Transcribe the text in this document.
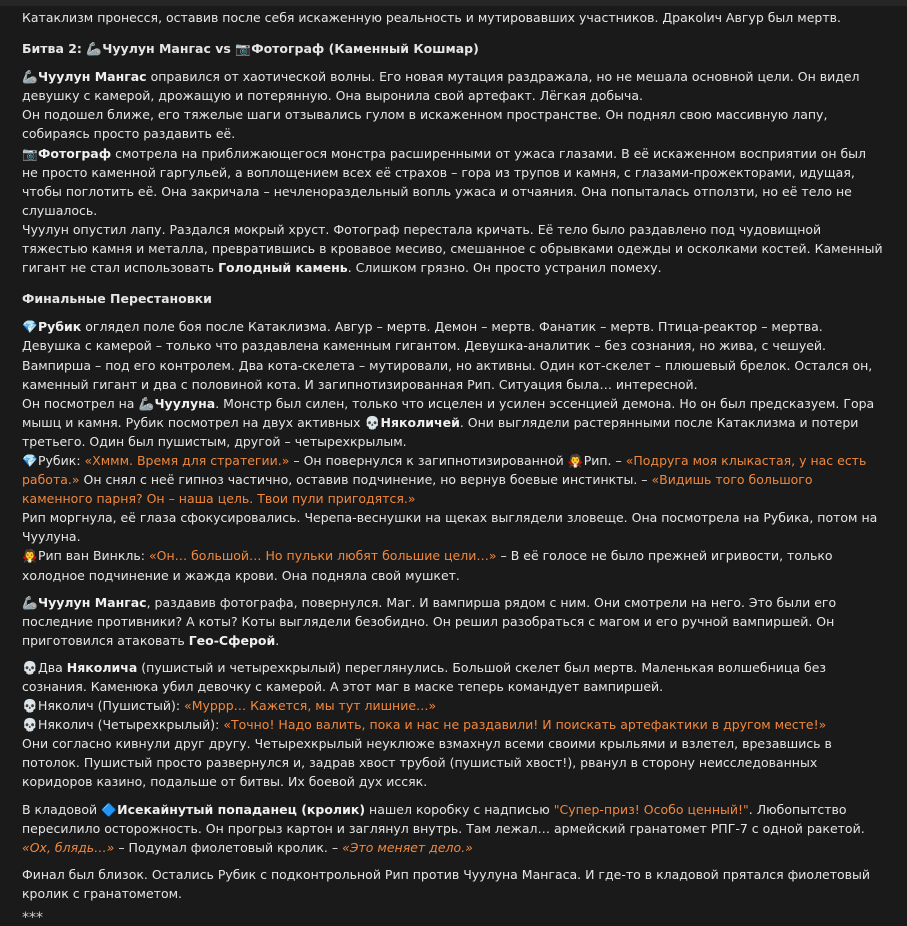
Катаклизм пронесся, оставив после себя искаженную реальность и мутировавших участников. Дракоlич Авгур был мертв.

Битва 2: 🦾Чуулун Мангас vs 📷Фотограф (Каменный Кошмар)

🦾Чуулун Мангас оправился от хаотической волны. Его новая мутация раздражала, но не мешала основной цели. Он видел девушку с камерой, дрожащую и потерянную. Она выронила свой артефакт. Лёгкая добыча.

Он подошел ближе, его тяжелые шаги отзывались гулом в искаженном пространстве. Он поднял свою массивную лапу, собираясь просто раздавить её.

📷Фотограф смотрела на приближающегося монстра расширенными от ужаса глазами. В её искаженном восприятии он был не просто каменной гаргульей, а воплощением всех её страхов – гора из трупов и камня, с глазами-прожекторами, идущая, чтобы поглотить её. Она закричала – нечленораздельный вопль ужаса и отчаяния. Она попыталась отползти, но её тело не слушалось.

Чуулун опустил лапу. Раздался мокрый хруст. Фотограф перестала кричать. Её тело было раздавлено под чудовищной тяжестью камня и металла, превратившись в кровавое месиво, смешанное с обрывками одежды и осколками костей. Каменный гигант не стал использовать Голодный камень. Слишком грязно. Он просто устранил помеху.

Финальные Перестановки

💎Рубик оглядел поле боя после Катаклизма. Авгур – мертв. Демон – мертв. Фанатик – мертв. Птица-реактор – мертва. Девушка с камерой – только что раздавлена каменным гигантом. Девушка-аналитик – без сознания, но жива, с чешуей. Вампирша – под его контролем. Два кота-скелета – мутировали, но активны. Один кот-скелет – плюшевый брелок. Остался он, каменный гигант и два с половиной кота. И загипнотизированная Рип. Ситуация была… интересной.

Он посмотрел на 🦾Чуулуна. Монстр был силен, только что исцелен и усилен эссенцией демона. Но он был предсказуем. Гора мышц и камня. Рубик посмотрел на двух активных 💀Няколичей. Они выглядели растерянными после Катаклизма и потери третьего. Один был пушистым, другой – четырехкрылым.

💎Рубик: «Хммм. Время для стратегии.» – Он повернулся к загипнотизированной 🧛Рип. – «Подруга моя клыкастая, у нас есть работа.» Он снял с неё гипноз частично, оставив подчинение, но вернув боевые инстинкты. – «Видишь того большого каменного парня? Он – наша цель. Твои пули пригодятся.»

Рип моргнула, её глаза сфокусировались. Черепа-веснушки на щеках выглядели зловеще. Она посмотрела на Рубика, потом на Чуулуна.

🧛Рип ван Винкль: «Он… большой… Но пульки любят большие цели…» – В её голосе не было прежней игривости, только холодное подчинение и жажда крови. Она подняла свой мушкет.

🦾Чуулун Мангас, раздавив фотографа, повернулся. Маг. И вампирша рядом с ним. Они смотрели на него. Это были его последние противники? А коты? Коты выглядели безобидно. Он решил разобраться с магом и его ручной вампиршей. Он приготовился атаковать Гео-Сферой.

💀Два Няколича (пушистый и четырехкрылый) переглянулись. Большой скелет был мертв. Маленькая волшебница без сознания. Каменюка убил девочку с камерой. А этот маг в маске теперь командует вампиршей.

💀Няколич (Пушистый): «Муррр… Кажется, мы тут лишние…»

💀Няколич (Четырехкрылый): «Точно! Надо валить, пока и нас не раздавили! И поискать артефактики в другом месте!»

Они согласно кивнули друг другу. Четырехкрылый неуклюже взмахнул всеми своими крыльями и взлетел, врезавшись в потолок. Пушистый просто развернулся и, задрав хвост трубой (пушистый хвост!), рванул в сторону неисследованных коридоров казино, подальше от битвы. Их боевой дух иссяк.

В кладовой 🔷Исекайнутый попаданец (кролик) нашел коробку с надписью "Супер-приз! Особо ценный!". Любопытство пересилило осторожность. Он прогрыз картон и заглянул внутрь. Там лежал… армейский гранатомет РПГ-7 с одной ракетой. «Ох, блядь…» – Подумал фиолетовый кролик. – «Это меняет дело.»

Финал был близок. Остались Рубик с подконтрольной Рип против Чуулуна Мангаса. И где-то в кладовой прятался фиолетовый кролик с гранатометом.

***
